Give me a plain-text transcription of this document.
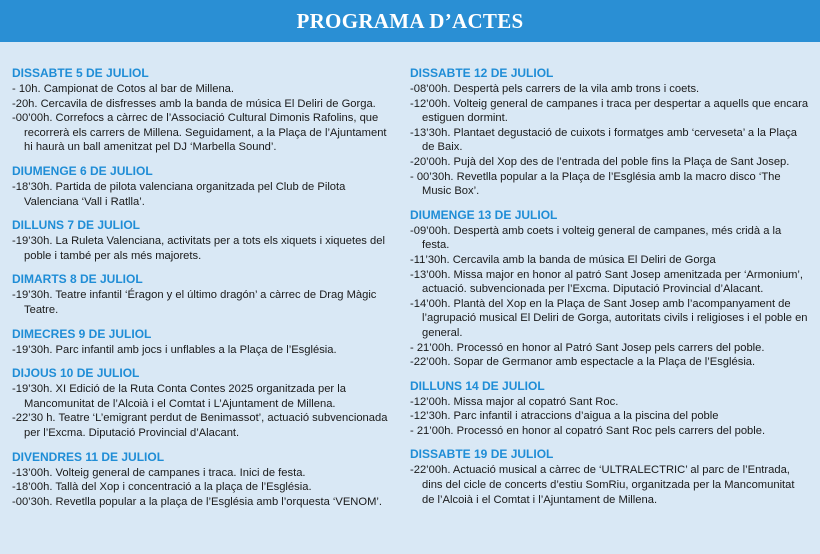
PROGRAMA D’ACTES
DISSABTE 5 DE JULIOL

- 10h. Campionat de Cotos al bar de Millena.

-20h. Cercavila de disfresses amb la banda de música El Deliri de Gorga.

-00’00h. Correfocs a càrrec de l’Associació Cultural Dimonis Rafolins, que recorrerà els carrers de Millena. Seguidament, a la Plaça de l’Ajuntament hi haurà un ball amenitzat pel DJ ‘Marbella Sound’.

DIUMENGE 6 DE JULIOL

-18’30h. Partida de pilota valenciana organitzada pel Club de Pilota Valenciana ‘Vall i Ratlla’.

DILLUNS 7 DE JULIOL

-19’30h. La Ruleta Valenciana, activitats per a tots els xiquets i xiquetes del poble i també per als més majorets.

DIMARTS 8 DE JULIOL

-19’30h. Teatre infantil ‘Éragon y el último dragón’ a càrrec de Drag Màgic Teatre.

DIMECRES 9 DE JULIOL

-19’30h. Parc infantil amb jocs i unflables a la Plaça de l’Església.

DIJOUS 10 DE JULIOL

-19’30h. XI Edició de la Ruta Conta Contes 2025 organitzada per la Mancomunitat de l’Alcoià i el Comtat i L’Ajuntament de Millena.

-22’30 h. Teatre ‘L’emigrant perdut de Benimassot’, actuació subvencionada per l’Excma. Diputació Provincial d’Alacant.

DIVENDRES 11 DE JULIOL

-13’00h. Volteig general de campanes i traca. Inici de festa.

-18’00h. Tallà del Xop i concentració a la plaça de l’Església.

-00’30h. Revetlla popular a la plaça de l’Església amb l’orquesta ‘VENOM’.

DISSABTE 12 DE JULIOL

-08’00h. Despertà pels carrers de la vila amb trons i coets.

-12’00h. Volteig general de campanes i traca per despertar a aquells que encara estiguen dormint.

-13’30h. Plantaet degustació de cuixots i formatges amb ‘cerveseta’ a la Plaça de Baix.

-20’00h. Pujà del Xop des de l’entrada del poble fins la Plaça de Sant Josep.

- 00’30h. Revetlla popular a la Plaça de l’Església amb la macro disco ‘The Music Box’.

DIUMENGE 13 DE JULIOL

-09’00h. Despertà amb coets i volteig general de campanes, més cridà a la festa.

-11’30h. Cercavila amb la banda de música El Deliri de Gorga

-13’00h. Missa major en honor al patró Sant Josep amenitzada per ‘Armonium’, actuació. subvencionada per l’Excma. Diputació Provincial d’Alacant.

-14’00h. Plantà del Xop en la Plaça de Sant Josep amb l’acompanyament de l’agrupació musical El Deliri de Gorga, autoritats civils i religioses i el poble en general.

- 21’00h. Processó en honor al Patró Sant Josep pels carrers del poble.

-22’00h. Sopar de Germanor amb espectacle a la Plaça de l’Església.

DILLUNS 14 DE JULIOL

-12’00h. Missa major al copatró Sant Roc.

-12’30h. Parc infantil i atraccions d’aigua a la piscina del poble

- 21’00h. Processó en honor al copatró Sant Roc pels carrers del poble.

DISSABTE 19 DE JULIOL

-22’00h. Actuació musical a càrrec de ‘ULTRALECTRIC’ al parc de l’Entrada, dins del cicle de concerts d’estiu SomRiu, organitzada per la Mancomunitat de l’Alcoià i el Comtat i l’Ajuntament de Millena.
